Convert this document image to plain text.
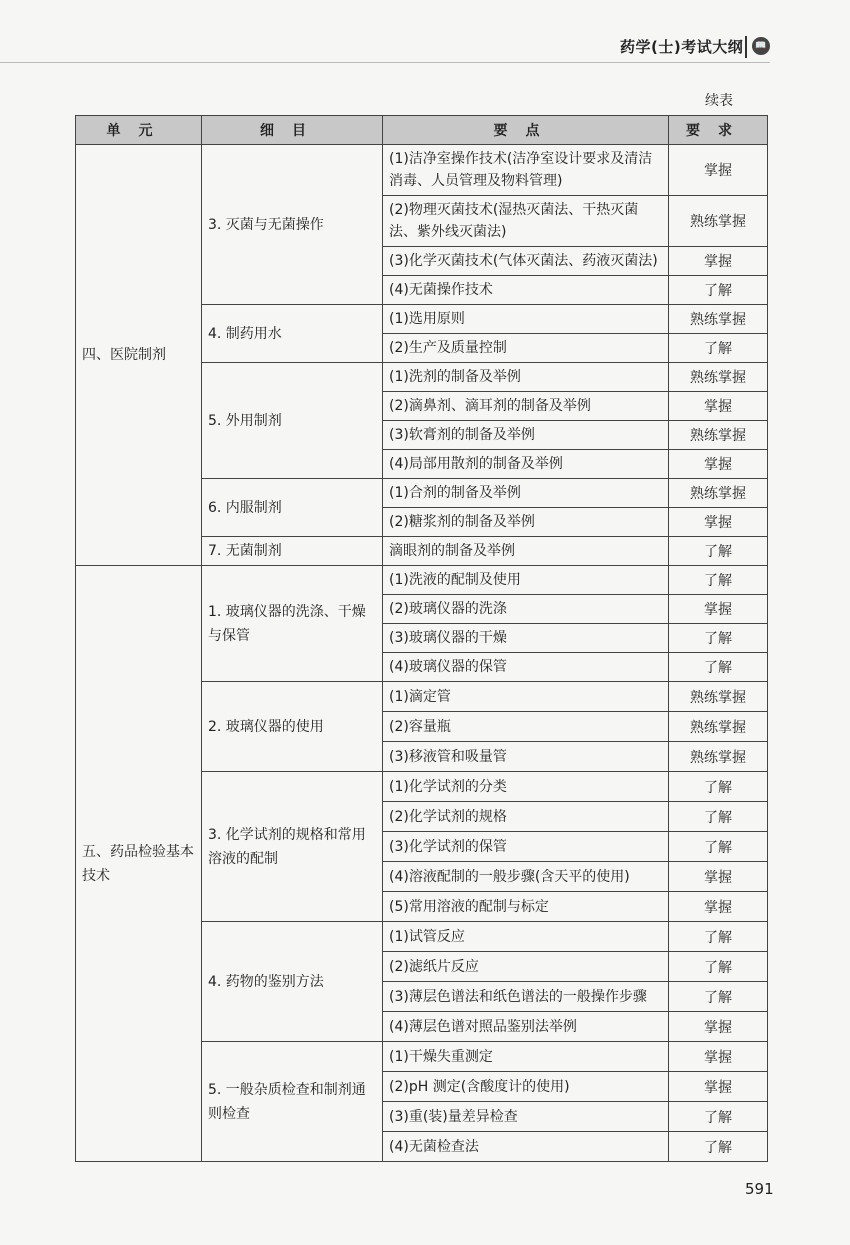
药学(士)考试大纲	📖
续表
单元	细目	要点	要求
四、医院制剂	3. 灭菌与无菌操作	(1)洁净室操作技术(洁净室设计要求及清洁消毒、人员管理及物料管理)	掌握
		(2)物理灭菌技术(湿热灭菌法、干热灭菌法、紫外线灭菌法)	熟练掌握
		(3)化学灭菌技术(气体灭菌法、药液灭菌法)	掌握
		(4)无菌操作技术	了解
	4. 制药用水	(1)选用原则	熟练掌握
		(2)生产及质量控制	了解
	5. 外用制剂	(1)洗剂的制备及举例	熟练掌握
		(2)滴鼻剂、滴耳剂的制备及举例	掌握
		(3)软膏剂的制备及举例	熟练掌握
		(4)局部用散剂的制备及举例	掌握
	6. 内服制剂	(1)合剂的制备及举例	熟练掌握
		(2)糖浆剂的制备及举例	掌握
	7. 无菌制剂	滴眼剂的制备及举例	了解
五、药品检验基本技术	1. 玻璃仪器的洗涤、干燥与保管	(1)洗液的配制及使用	了解
		(2)玻璃仪器的洗涤	掌握
		(3)玻璃仪器的干燥	了解
		(4)玻璃仪器的保管	了解
	2. 玻璃仪器的使用	(1)滴定管	熟练掌握
		(2)容量瓶	熟练掌握
		(3)移液管和吸量管	熟练掌握
	3. 化学试剂的规格和常用溶液的配制	(1)化学试剂的分类	了解
		(2)化学试剂的规格	了解
		(3)化学试剂的保管	了解
		(4)溶液配制的一般步骤(含天平的使用)	掌握
		(5)常用溶液的配制与标定	掌握
	4. 药物的鉴别方法	(1)试管反应	了解
		(2)滤纸片反应	了解
		(3)薄层色谱法和纸色谱法的一般操作步骤	了解
		(4)薄层色谱对照品鉴别法举例	掌握
	5. 一般杂质检查和制剂通则检查	(1)干燥失重测定	掌握
		(2)pH 测定(含酸度计的使用)	掌握
		(3)重(装)量差异检查	了解
		(4)无菌检查法	了解
591
